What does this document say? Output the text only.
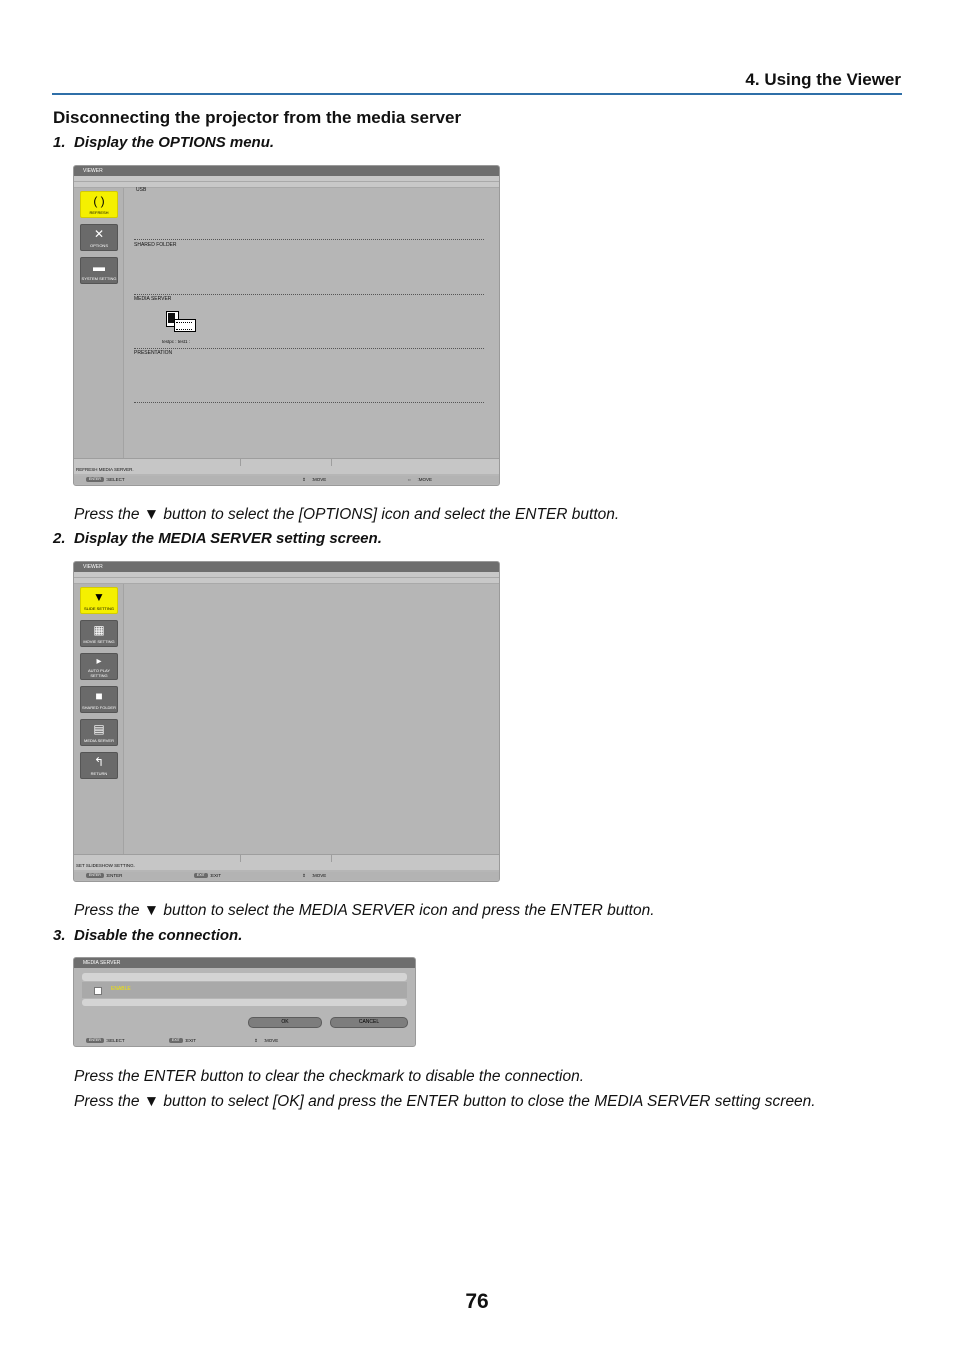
4. Using the Viewer
Disconnecting the projector from the media server
1. Display the OPTIONS menu.
VIEWER
( )
REFRESH
✕
OPTIONS
▬
SYSTEM SETTING
USB
SHARED FOLDER
MEDIA SERVER
testpc : test1 :
PRESENTATION
REFRESH MEDIA SERVER.
ENTER :SELECT	⇕ :MOVE	⇔ :MOVE
Press the ▼ button to select the [OPTIONS] icon and select the ENTER button.
2. Display the MEDIA SERVER setting screen.
VIEWER
▼
SLIDE SETTING
▦
MOVIE SETTING
▸
AUTO PLAY
SETTING
■
SHARED FOLDER
▤
MEDIA SERVER
↰
RETURN
SET SLIDESHOW SETTING.
ENTER :ENTER	EXIT :EXIT	⇕ :MOVE
Press the ▼ button to select the MEDIA SERVER icon and press the ENTER button.
3. Disable the connection.
MEDIA SERVER
ENABLE
OK	CANCEL
ENTER :SELECT	EXIT :EXIT	⇕ :MOVE
Press the ENTER button to clear the checkmark to disable the connection.
Press the ▼ button to select [OK] and press the ENTER button to close the MEDIA SERVER setting screen.
76
